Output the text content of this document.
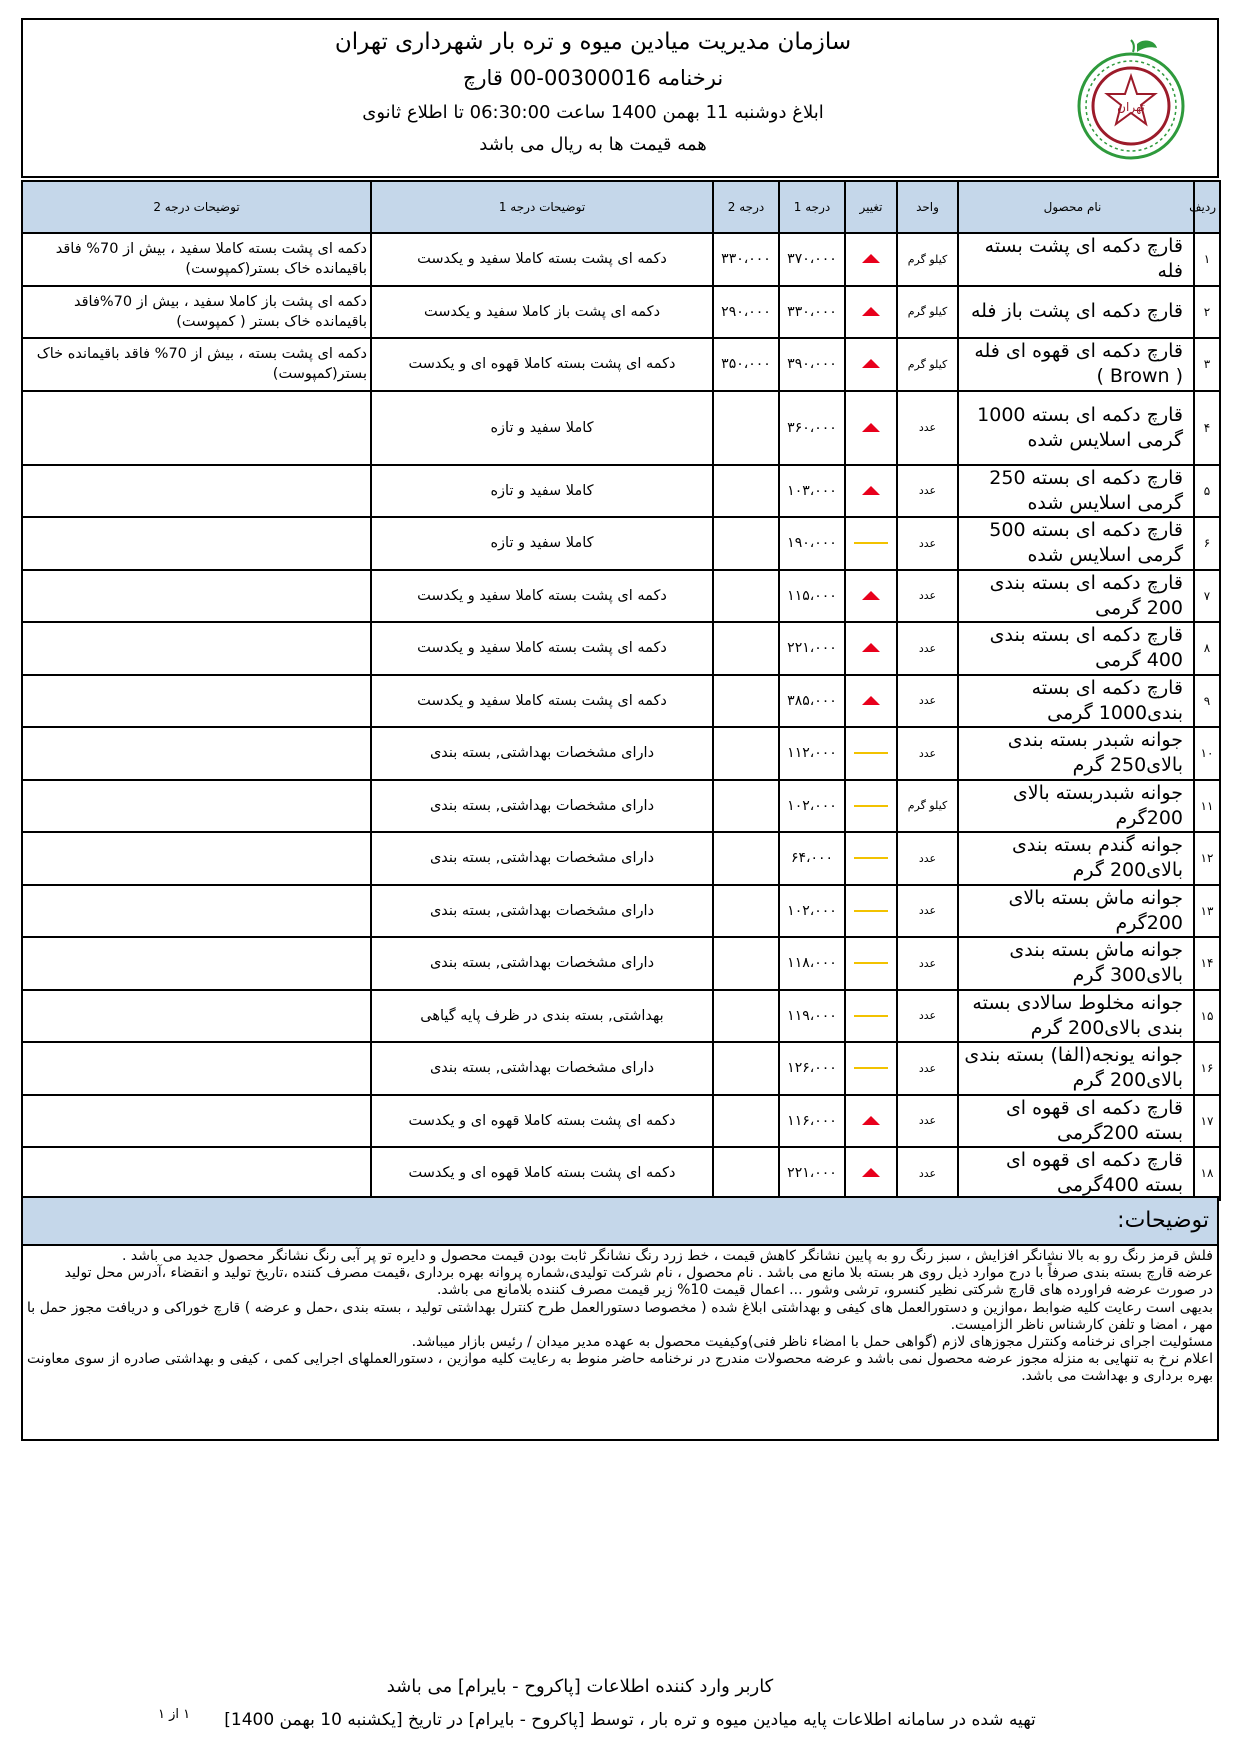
سازمان مدیریت میادین میوه و تره بار شهرداری تهران
نرخنامه 00300016-00 قارچ
ابلاغ دوشنبه 11 بهمن 1400 ساعت 06:30:00 تا اطلاع ثانوی
همه قیمت ها به ریال می باشد
تهران
ردیف	نام محصول	واحد	تغییر	درجه 1	درجه 2	توضیحات درجه 1	توضیحات درجه 2
۱	قارچ دکمه ای پشت بسته فله	کیلو گرم		۳۷۰،۰۰۰	۳۳۰،۰۰۰	دکمه ای پشت بسته کاملا سفید و یکدست	دکمه ای پشت بسته کاملا سفید ، بیش از 70% فاقد باقیمانده خاک بستر(کمپوست)
۲	قارچ دکمه ای پشت باز فله	کیلو گرم		۳۳۰،۰۰۰	۲۹۰،۰۰۰	دکمه ای پشت باز کاملا سفید و یکدست	دکمه ای پشت باز کاملا سفید ، بیش از 70%فاقد باقیمانده خاک بستر ( کمپوست)
۳	قارچ دکمه ای قهوه ای فله ( Brown )	کیلو گرم		۳۹۰،۰۰۰	۳۵۰،۰۰۰	دکمه ای پشت بسته کاملا قهوه ای و یکدست	دکمه ای پشت بسته ، بیش از 70% فاقد باقیمانده خاک بستر(کمپوست)
۴	قارچ دکمه ای بسته 1000 گرمی اسلایس شده	عدد		۳۶۰،۰۰۰		کاملا سفید و تازه	
۵	قارچ دکمه ای بسته 250 گرمی اسلایس شده	عدد		۱۰۳،۰۰۰		کاملا سفید و تازه	
۶	قارچ دکمه ای بسته 500 گرمی اسلایس شده	عدد		۱۹۰،۰۰۰		کاملا سفید و تازه	
۷	قارچ دکمه ای بسته بندی 200 گرمی	عدد		۱۱۵،۰۰۰		دکمه ای پشت بسته کاملا سفید و یکدست	
۸	قارچ دکمه ای بسته بندی 400 گرمی	عدد		۲۲۱،۰۰۰		دکمه ای پشت بسته کاملا سفید و یکدست	
۹	قارچ دکمه ای بسته بندی1000 گرمی	عدد		۳۸۵،۰۰۰		دکمه ای پشت بسته کاملا سفید و یکدست	
۱۰	جوانه شبدر بسته بندی بالای250 گرم	عدد		۱۱۲،۰۰۰		دارای مشخصات بهداشتی, بسته بندی	
۱۱	جوانه شبدربسته بالای 200گرم	کیلو گرم		۱۰۲،۰۰۰		دارای مشخصات بهداشتی, بسته بندی	
۱۲	جوانه گندم بسته بندی بالای200 گرم	عدد		۶۴،۰۰۰		دارای مشخصات بهداشتی, بسته بندی	
۱۳	جوانه ماش بسته بالای 200گرم	عدد		۱۰۲،۰۰۰		دارای مشخصات بهداشتی, بسته بندی	
۱۴	جوانه ماش بسته بندی بالای300 گرم	عدد		۱۱۸،۰۰۰		دارای مشخصات بهداشتی, بسته بندی	
۱۵	جوانه مخلوط سالادی بسته بندی بالای200 گرم	عدد		۱۱۹،۰۰۰		بهداشتی, بسته بندی در ظرف پایه گیاهی	
۱۶	جوانه یونجه(الفا) بسته بندی بالای200 گرم	عدد		۱۲۶،۰۰۰		دارای مشخصات بهداشتی, بسته بندی	
۱۷	قارچ دکمه ای قهوه ای بسته 200گرمی	عدد		۱۱۶،۰۰۰		دکمه ای پشت بسته کاملا قهوه ای و یکدست	
۱۸	قارچ دکمه ای قهوه ای بسته 400گرمی	عدد		۲۲۱،۰۰۰		دکمه ای پشت بسته کاملا قهوه ای و یکدست	
توضیحات:

فلش قرمز رنگ رو به بالا نشانگر افزایش ، سبز رنگ رو به پایین نشانگر کاهش قیمت ، خط زرد رنگ نشانگر ثابت بودن قیمت محصول و دایره تو پر آبی رنگ نشانگر محصول جدید می باشد .

عرضه قارچ بسته بندی صرفاً با درج موارد ذیل روی هر بسته بلا مانع می باشد . نام محصول ، نام شرکت تولیدی،شماره پروانه بهره برداری ،قیمت مصرف کننده ،تاریخ تولید و انقضاء ،آدرس محل تولید

در صورت عرضه فراورده های قارچ شرکتی نظیر کنسرو، ترشی وشور ... اعمال قیمت 10% زیر قیمت مصرف کننده بلامانع می باشد.

بدیهی است رعایت کلیه ضوابط ،موازین و دستورالعمل های کیفی و بهداشتی ابلاغ شده ( مخصوصا دستورالعمل طرح کنترل بهداشتی تولید ، بسته بندی ،حمل و عرضه ) قارچ خوراکی و دریافت مجوز حمل با مهر ، امضا و تلفن کارشناس ناظر الزامیست.

مسئولیت اجرای نرخنامه وکنترل مجوزهای لازم (گواهی حمل با امضاء ناظر فنی)وکیفیت محصول به عهده مدیر میدان / رئیس بازار میباشد.

اعلام نرخ به تنهایی به منزله مجوز عرضه محصول نمی باشد و عرضه محصولات مندرج در نرخنامه حاضر منوط به رعایت کلیه موازین ، دستورالعملهای اجرایی کمی ، کیفی و بهداشتی صادره از سوی معاونت بهره برداری و بهداشت می باشد.

کاربر وارد کننده اطلاعات [پاکروح - بایرام] می باشد
تهیه شده در سامانه اطلاعات پایه میادین میوه و تره بار ، توسط [پاکروح - بایرام] در تاریخ [یکشنبه 10 بهمن 1400]
۱ از ۱
